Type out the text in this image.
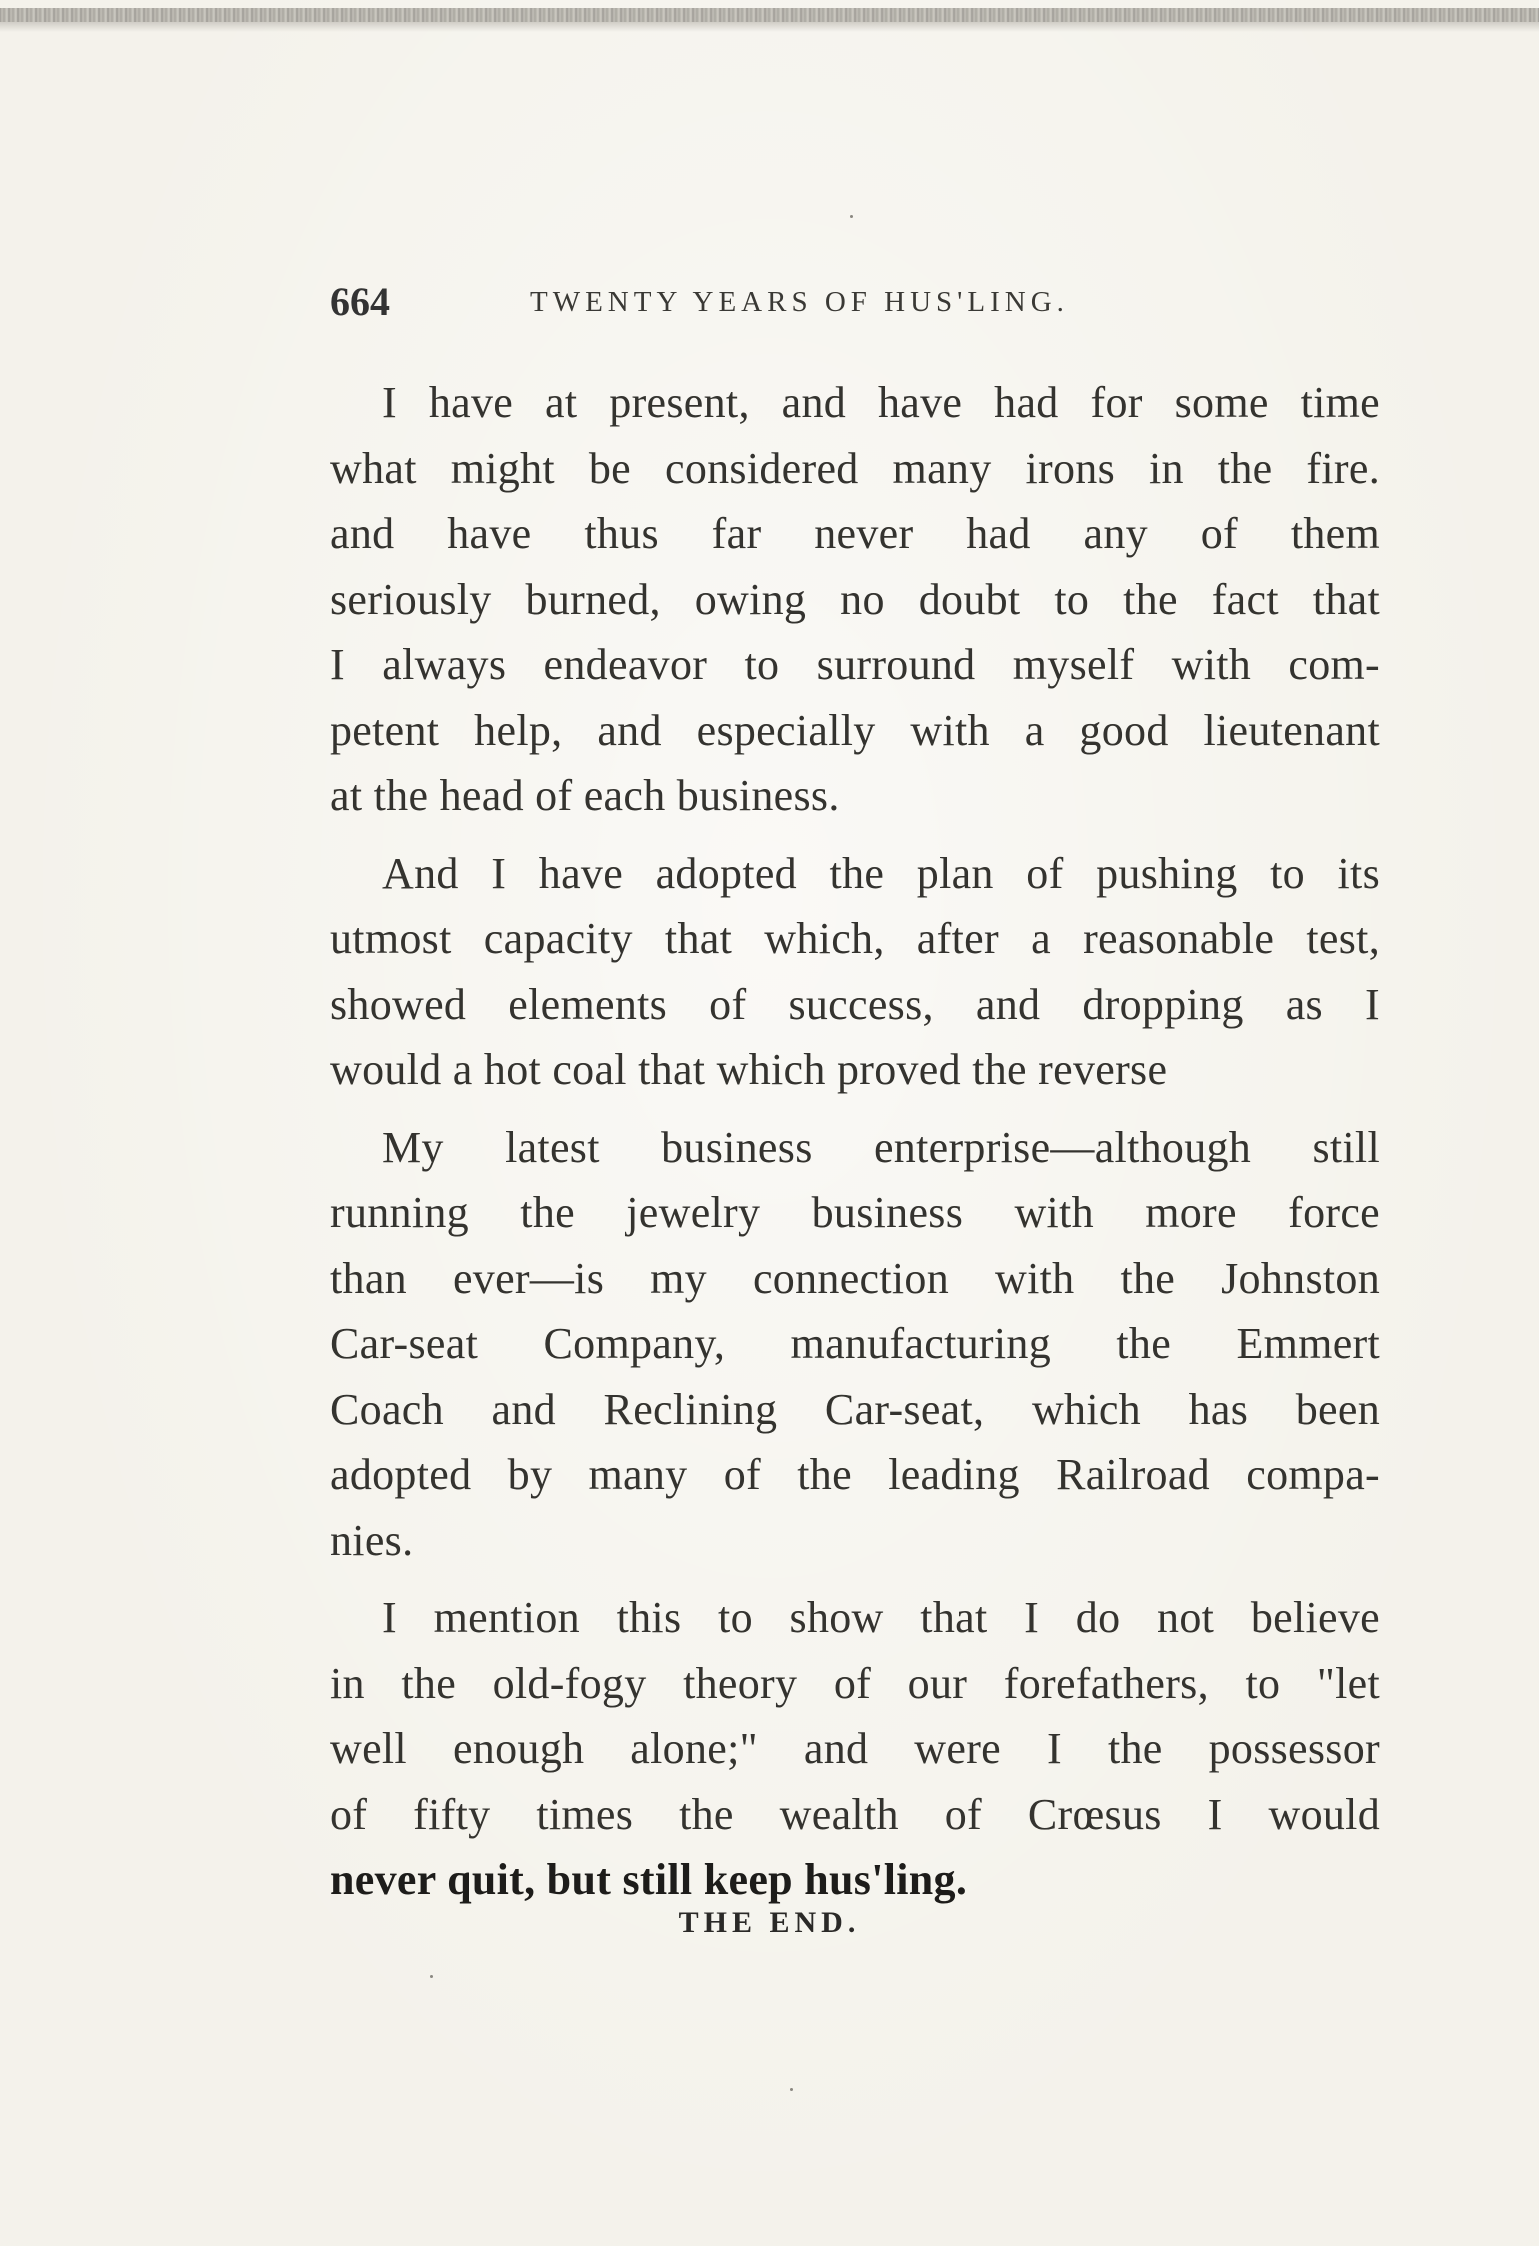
664	TWENTY YEARS OF HUS'LING.
I have at present, and have had for some time
what might be considered many irons in the fire.
and have thus far never had any of them
seriously burned, owing no doubt to the fact that
I always endeavor to surround myself with com-
petent help, and especially with a good lieutenant
at the head of each business.
And I have adopted the plan of pushing to its
utmost capacity that which, after a reasonable test,
showed elements of success, and dropping as I
would a hot coal that which proved the reverse
My latest business enterprise—although still
running the jewelry business with more force
than ever—is my connection with the Johnston
Car-seat Company, manufacturing the Emmert
Coach and Reclining Car-seat, which has been
adopted by many of the leading Railroad compa-
nies.
I mention this to show that I do not believe
in the old-fogy theory of our forefathers, to "let
well enough alone;" and were I the possessor
of fifty times the wealth of Crœsus I would
never quit, but still keep hus'ling.
THE END.
